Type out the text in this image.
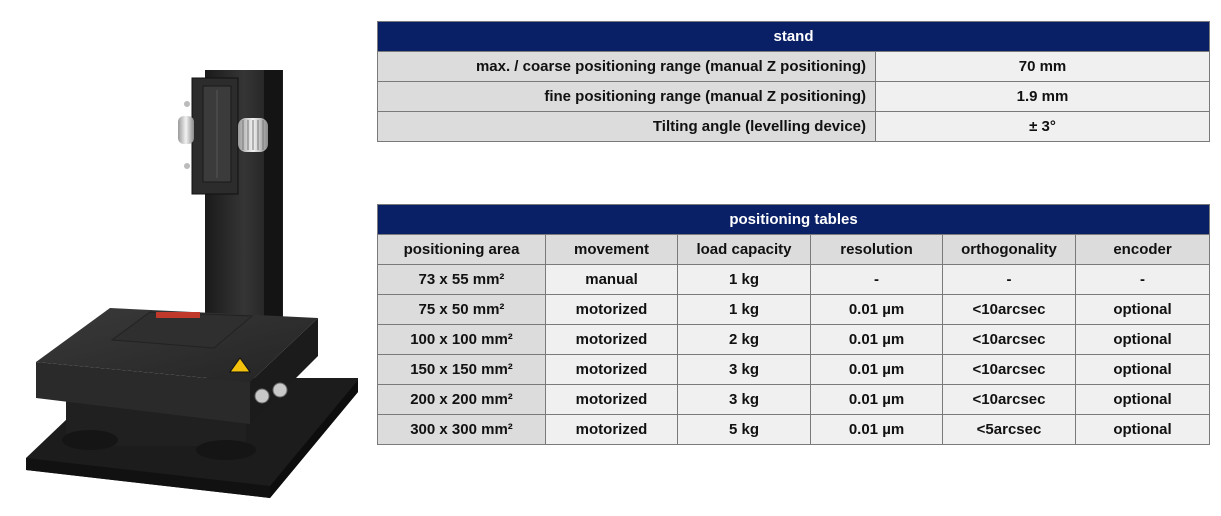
stand	
max. / coarse positioning range (manual Z positioning)	70 mm
fine positioning range (manual Z positioning)	1.9 mm
Tilting angle (levelling device)	± 3°
positioning tables					
positioning area	movement	load capacity	resolution	orthogonality	encoder
73 x 55 mm²	manual	1 kg	-	-	-
75 x 50 mm²	motorized	1 kg	0.01 µm	<10arcsec	optional
100 x 100 mm²	motorized	2 kg	0.01 µm	<10arcsec	optional
150 x 150 mm²	motorized	3 kg	0.01 µm	<10arcsec	optional
200 x 200 mm²	motorized	3 kg	0.01 µm	<10arcsec	optional
300 x 300 mm²	motorized	5 kg	0.01 µm	<5arcsec	optional
